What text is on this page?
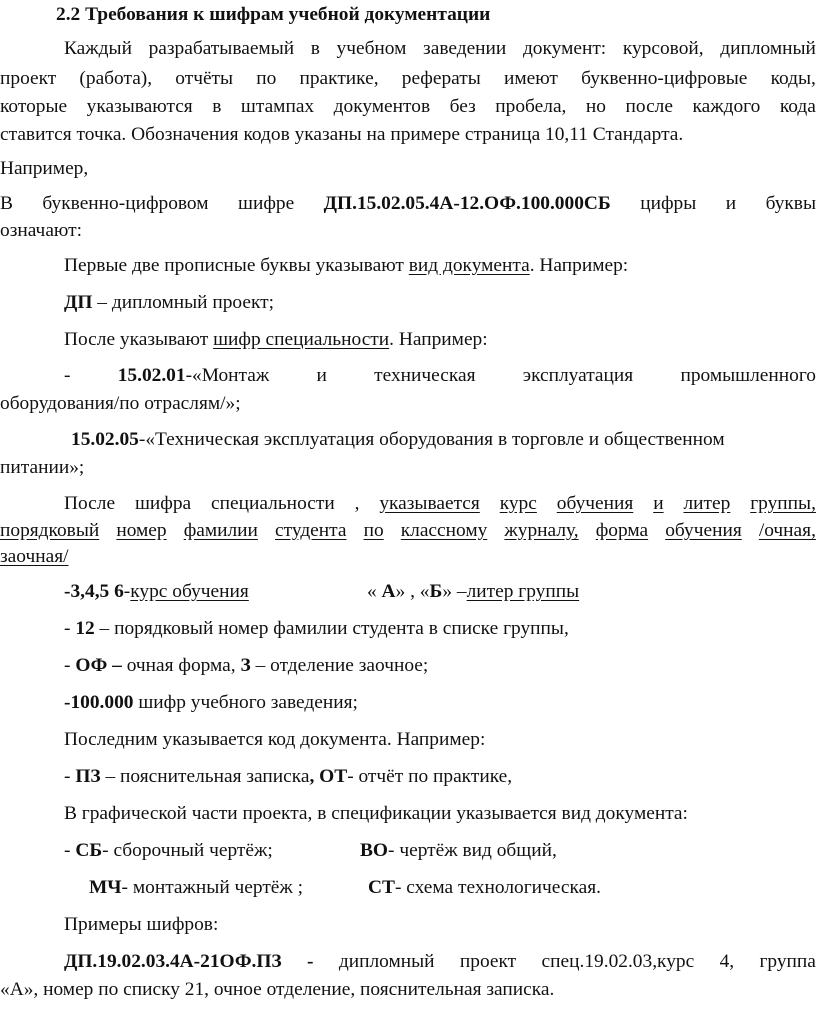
2.2 Требования к шифрам учебной документации
Каждый разрабатываемый в учебном заведении документ: курсовой, дипломный
проект (работа), отчёты по практике, рефераты имеют буквенно-цифровые коды,
которые указываются в штампах документов без пробела, но после каждого кода
ставится точка. Обозначения кодов указаны на примере страница 10,11 Стандарта.
Например,
В буквенно-цифровом шифре ДП.15.02.05.4А-12.ОФ.100.000СБ цифры и буквы
означают:
Первые две прописные буквы указывают вид документа. Например:
ДП – дипломный проект;
После указывают шифр специальности. Например:
- 15.02.01-«Монтаж и техническая эксплуатация промышленного
оборудования/по отраслям/»;
15.02.05-«Техническая эксплуатация оборудования в торговле и общественном
питании»;
После шифра специальности , указывается курс обучения и литер группы,
порядковый номер фамилии студента по классному журналу, форма обучения /очная,
заочная/
-3,4,5 6-курс обучения	« А» , «Б» –литер группы
- 12 – порядковый номер фамилии студента в списке группы,
- ОФ – очная форма, З – отделение заочное;
-100.000 шифр учебного заведения;
Последним указывается код документа. Например:
- ПЗ – пояснительная записка, ОТ- отчёт по практике,
В графической части проекта, в спецификации указывается вид документа:
- СБ- сборочный чертёж;	ВО- чертёж вид общий,
МЧ- монтажный чертёж ;	СТ- схема технологическая.
Примеры шифров:
ДП.19.02.03.4А-21ОФ.ПЗ - дипломный проект спец.19.02.03,курс 4, группа
«А», номер по списку 21, очное отделение, пояснительная записка.
